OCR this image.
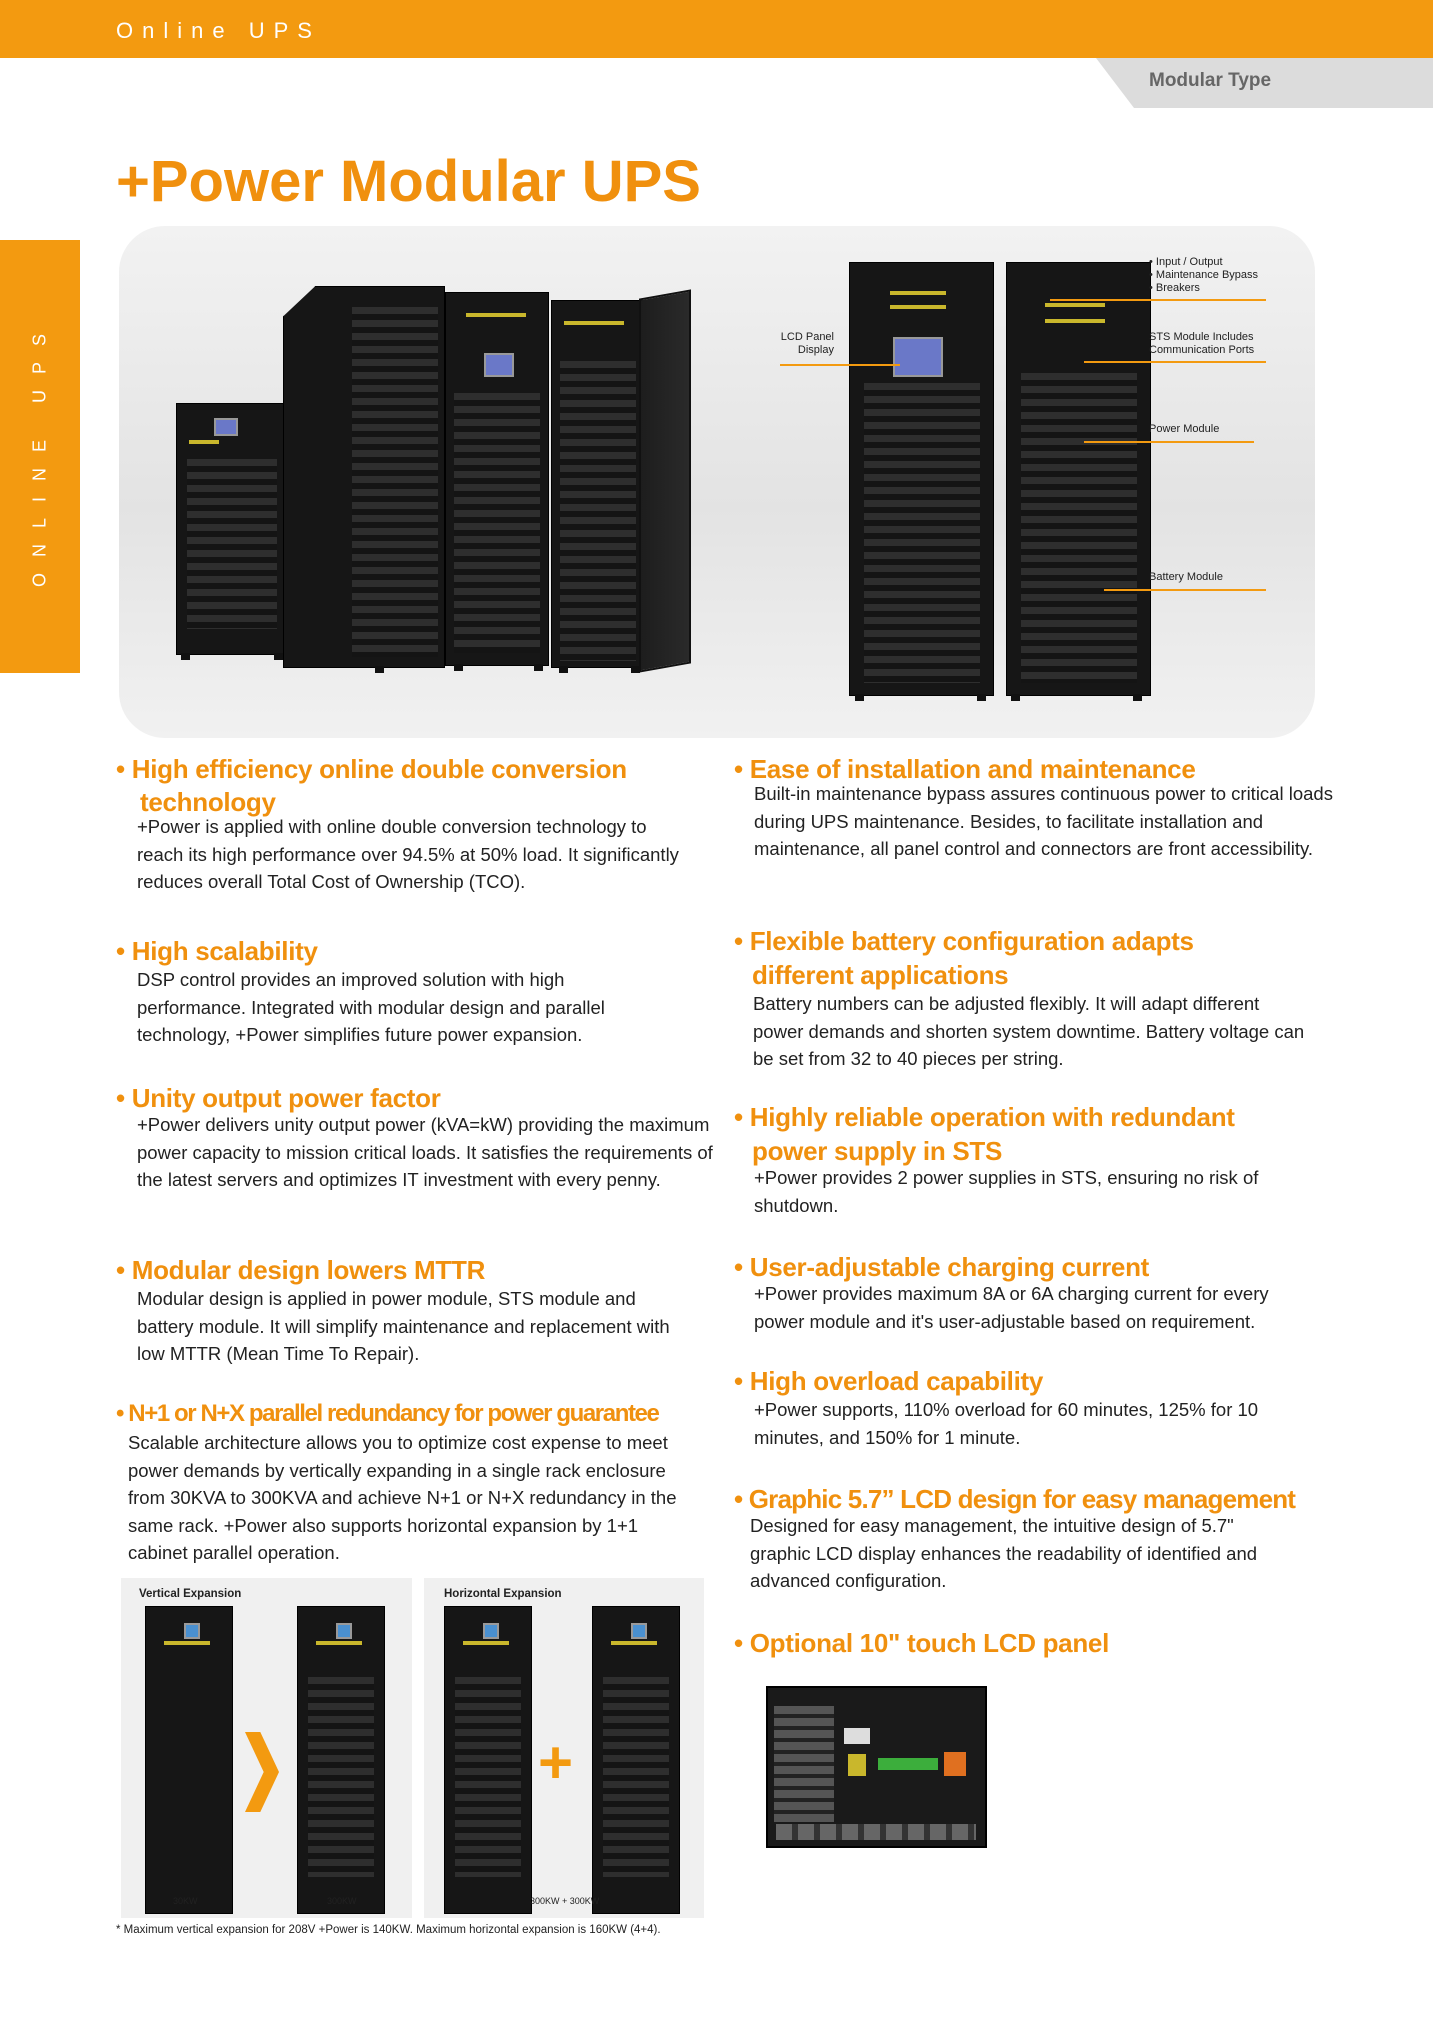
Online UPS
Modular Type
ONLINE UPS
+Power Modular UPS
• Input / Output
• Maintenance Bypass
• Breakers
LCD Panel
Display
STS Module Includes
Communication Ports
Power Module
Battery Module
• High efficiency online double conversion
technology
+Power is applied with online double conversion technology to reach its high performance over 94.5% at 50% load. It significantly reduces overall Total Cost of Ownership (TCO).
• High scalability
DSP control provides an improved solution with high performance. Integrated with modular design and parallel technology, +Power simplifies future power expansion.
• Unity output power factor
+Power delivers unity output power (kVA=kW) providing the maximum power capacity to mission critical loads. It satisfies the requirements of the latest servers and optimizes IT investment with every penny.
• Modular design lowers MTTR
Modular design is applied in power module, STS module and battery module. It will simplify maintenance and replacement with low MTTR (Mean Time To Repair).
• N+1 or N+X parallel redundancy for power guarantee
Scalable architecture allows you to optimize cost expense to meet power demands by vertically expanding in a single rack enclosure from 30KVA to 300KVA and achieve N+1 or N+X redundancy in the same rack. +Power also supports horizontal expansion by 1+1 cabinet parallel operation.
Vertical Expansion
30KW	300KW
Horizontal Expansion
+
300KW + 300KW
* Maximum vertical expansion for 208V +Power is 140KW. Maximum horizontal expansion is 160KW (4+4).
• Ease of installation and maintenance
Built-in maintenance bypass assures continuous power to critical loads during UPS maintenance. Besides, to facilitate installation and maintenance, all panel control and connectors are front accessibility.
• Flexible battery configuration adapts
different applications
Battery numbers can be adjusted flexibly. It will adapt different power demands and shorten system downtime. Battery voltage can be set from 32 to 40 pieces per string.
• Highly reliable operation with redundant
power supply in STS
+Power provides 2 power supplies in STS, ensuring no risk of shutdown.
• User-adjustable charging current
+Power provides maximum 8A or 6A charging current for every power module and it's user-adjustable based on requirement.
• High overload capability
+Power supports, 110% overload for 60 minutes, 125% for 10 minutes, and 150% for 1 minute.
• Graphic 5.7” LCD design for easy management
Designed for easy management, the intuitive design of 5.7" graphic LCD display enhances the readability of identified and advanced configuration.
• Optional 10" touch LCD panel
